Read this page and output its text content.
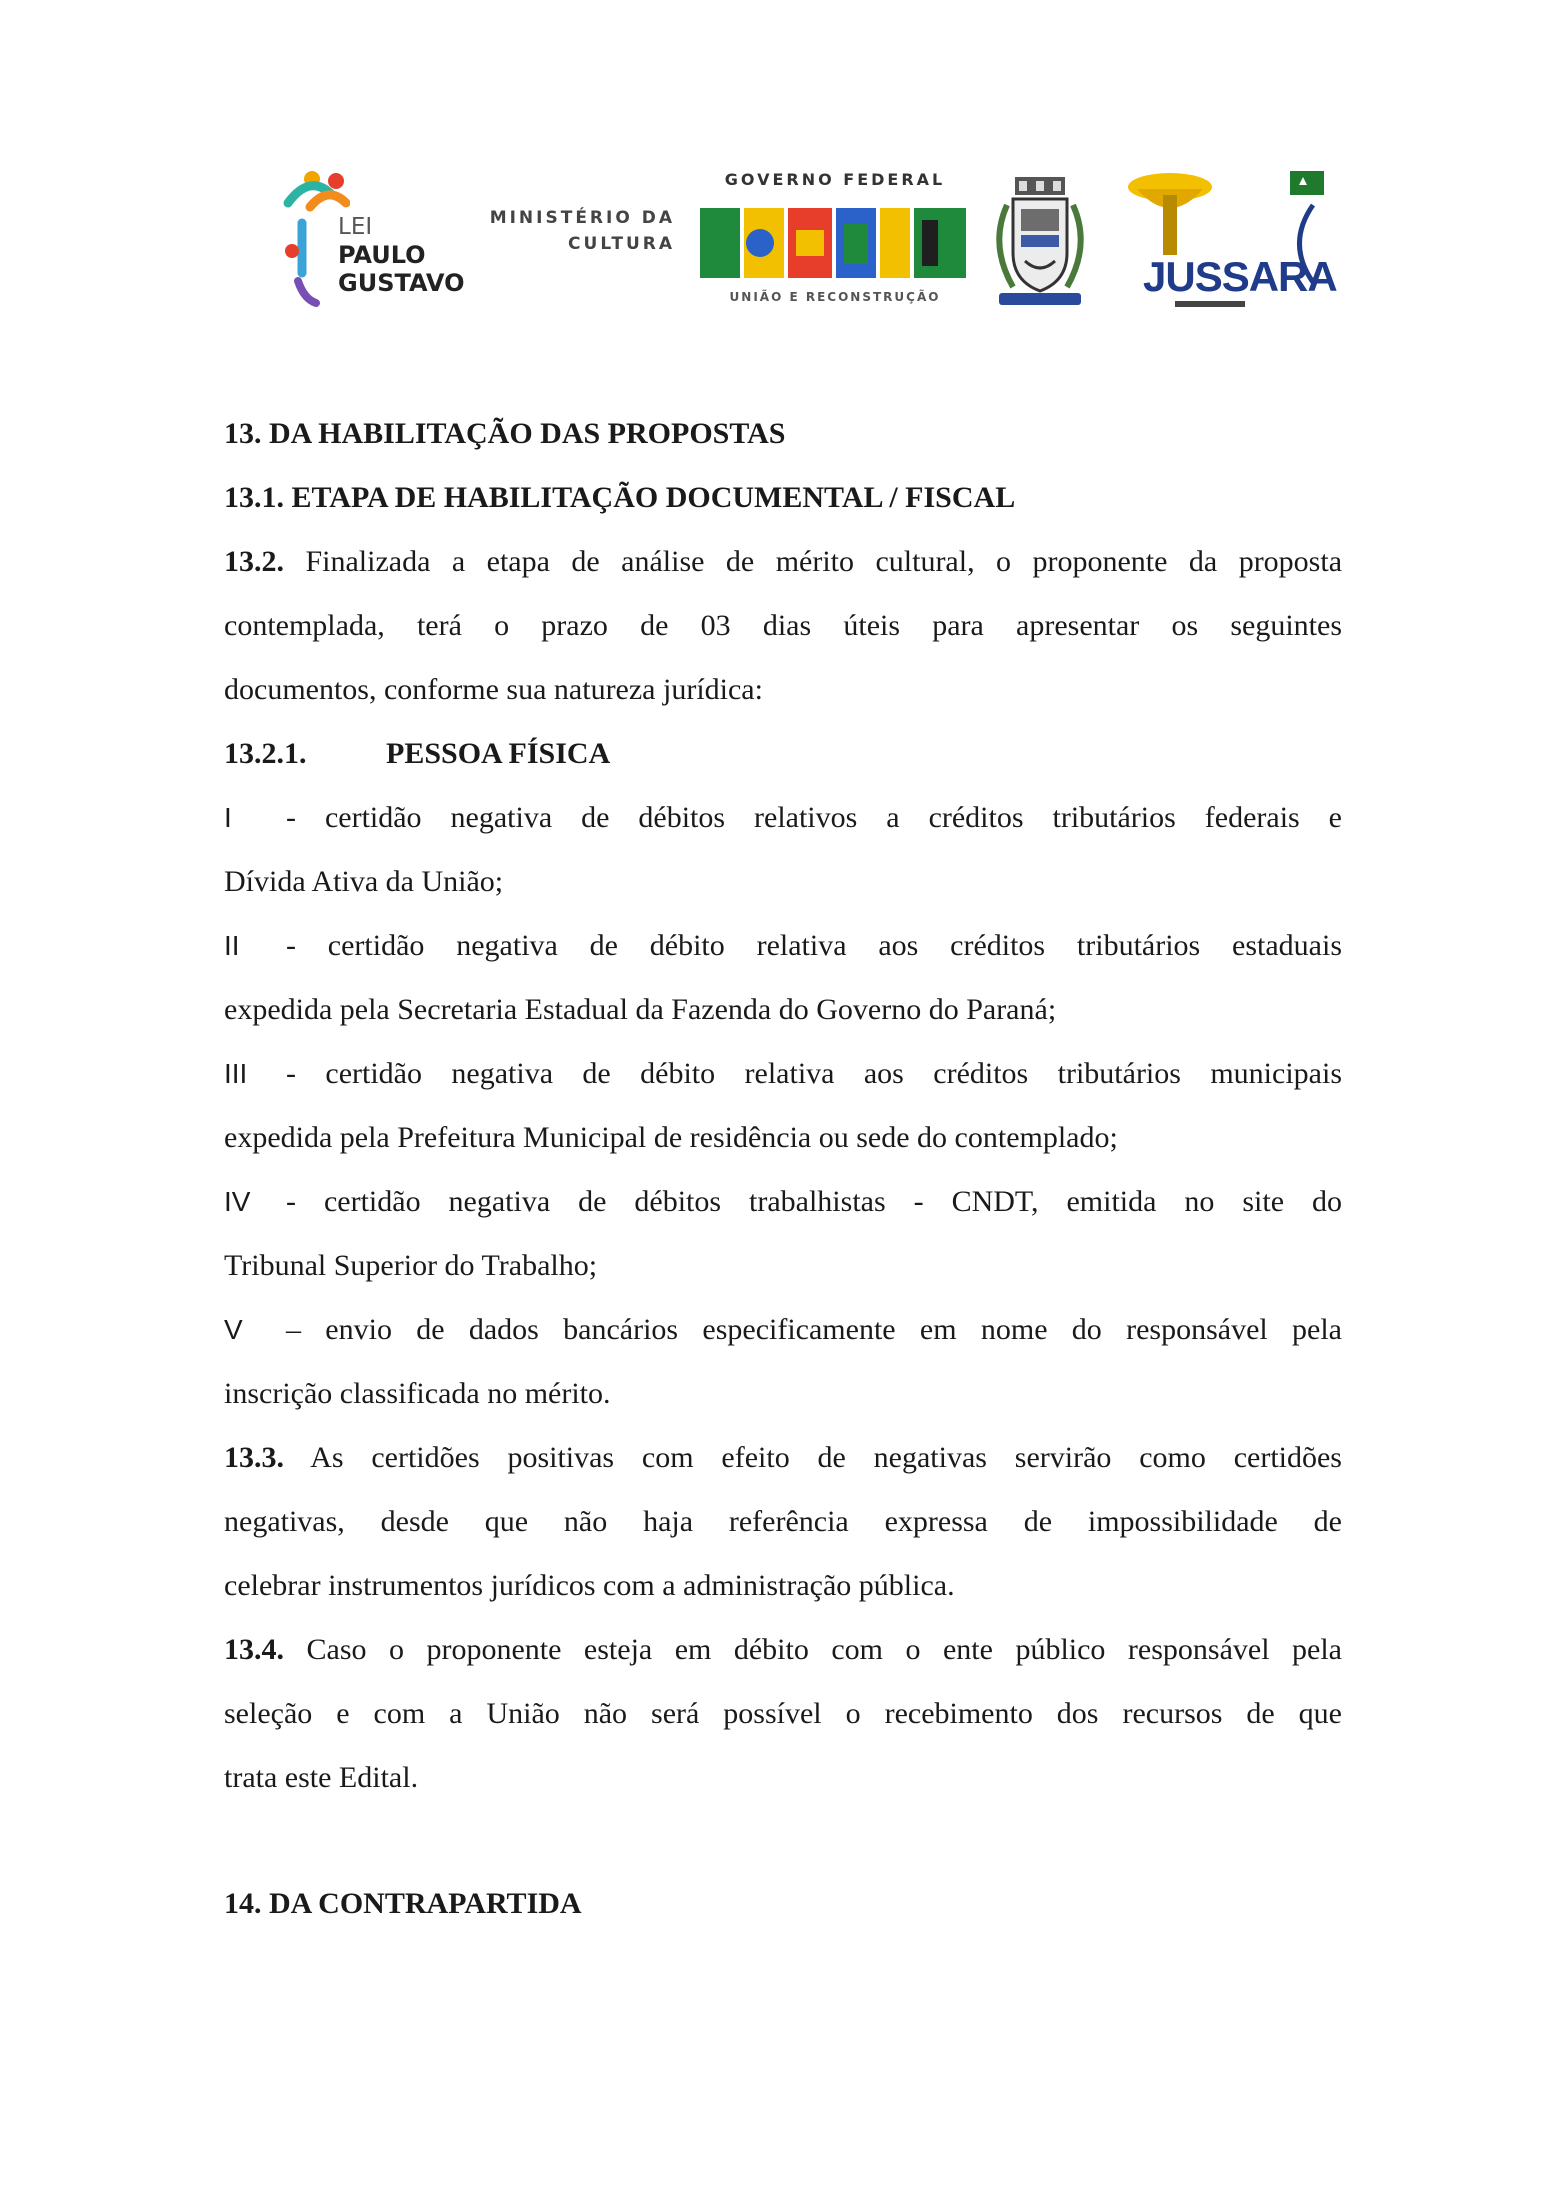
LEI
PAULO
GUSTAVO
MINISTÉRIO DA
CULTURA
GOVERNO FEDERAL
UNIÃO E RECONSTRUÇÃO	JUSSARA
13. DA HABILITAÇÃO DAS PROPOSTAS
13.1. ETAPA DE HABILITAÇÃO DOCUMENTAL / FISCAL
13.2. Finalizada a etapa de análise de mérito cultural, o proponente da proposta
contemplada, terá o prazo de 03 dias úteis para apresentar os seguintes
documentos, conforme sua natureza jurídica:
13.2.1.	PESSOA FÍSICA
I - certidão negativa de débitos relativos a créditos tributários federais e
Dívida Ativa da União;
II - certidão negativa de débito relativa aos créditos tributários estaduais
expedida pela Secretaria Estadual da Fazenda do Governo do Paraná;
III - certidão negativa de débito relativa aos créditos tributários municipais
expedida pela Prefeitura Municipal de residência ou sede do contemplado;
IV - certidão negativa de débitos trabalhistas - CNDT, emitida no site do
Tribunal Superior do Trabalho;
V – envio de dados bancários especificamente em nome do responsável pela
inscrição classificada no mérito.
13.3. As certidões positivas com efeito de negativas servirão como certidões
negativas, desde que não haja referência expressa de impossibilidade de
celebrar instrumentos jurídicos com a administração pública.
13.4. Caso o proponente esteja em débito com o ente público responsável pela
seleção e com a União não será possível o recebimento dos recursos de que
trata este Edital.
14. DA CONTRAPARTIDA
